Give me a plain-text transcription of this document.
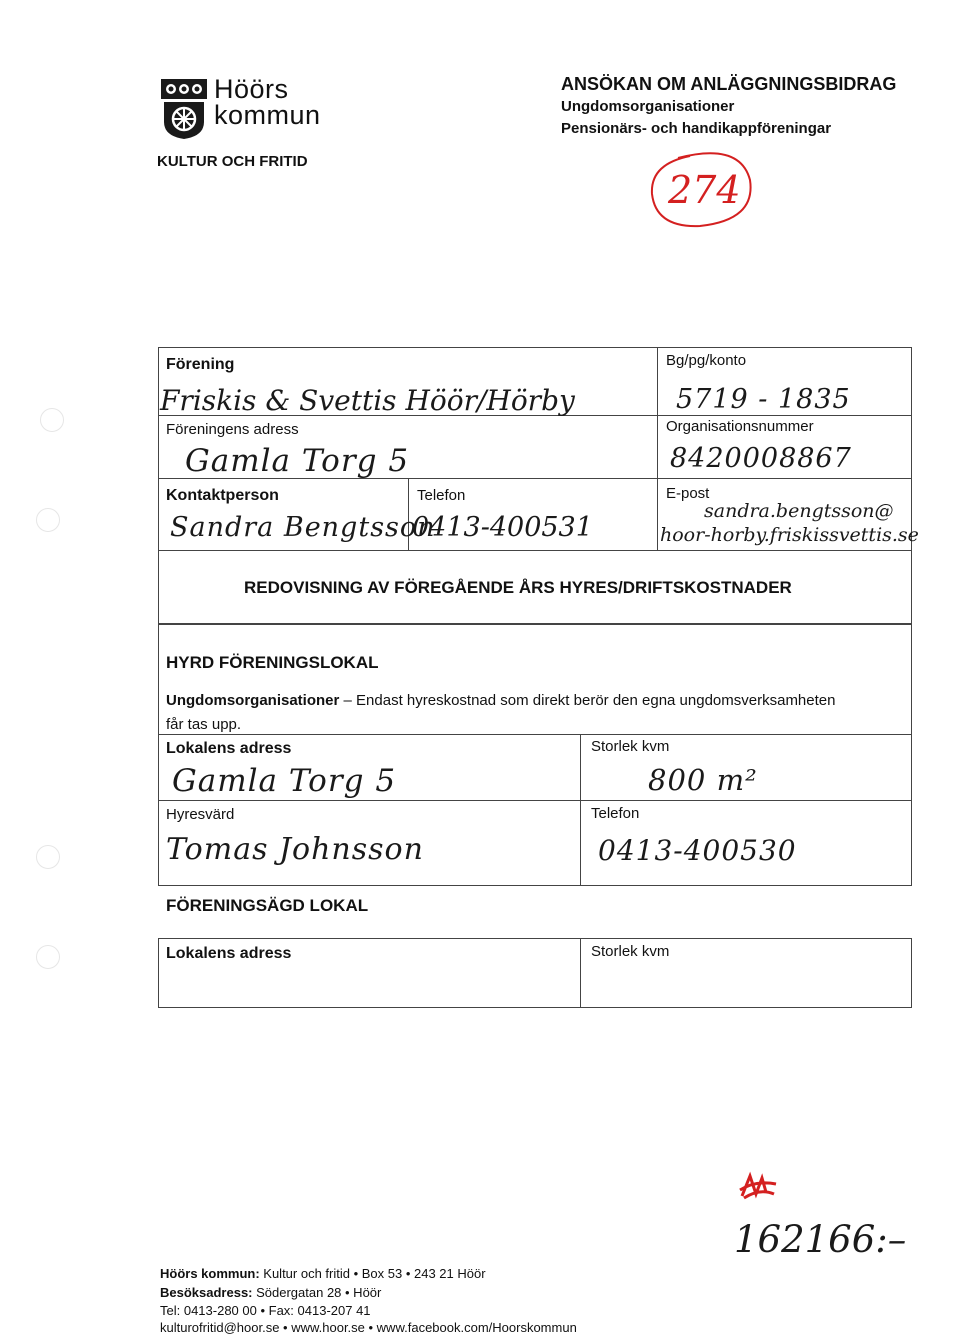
Höörs
kommun
KULTUR OCH FRITID
ANSÖKAN OM ANLÄGGNINGSBIDRAG
Ungdomsorganisationer
Pensionärs- och handikappföreningar
274
Förening
Friskis & Svettis Höör/Hörby
Bg/pg/konto
5719 - 1835
Föreningens adress
Gamla Torg 5
Organisationsnummer
8420008867
Kontaktperson
Sandra Bengtsson
Telefon
0413-400531
E-post
sandra.bengtsson@
hoor-horby.friskissvettis.se
REDOVISNING AV FÖREGÅENDE ÅRS HYRES/DRIFTSKOSTNADER
HYRD FÖRENINGSLOKAL
Ungdomsorganisationer – Endast hyreskostnad som direkt berör den egna ungdomsverksamheten
får tas upp.
Lokalens adress
Gamla Torg 5
Storlek kvm
800 m²
Hyresvärd
Tomas Johnsson
Telefon
0413-400530
FÖRENINGSÄGD LOKAL
Lokalens adress	Storlek kvm
162166:–
Höörs kommun: Kultur och fritid • Box 53 • 243 21 Höör
Besöksadress: Södergatan 28 • Höör
Tel: 0413-280 00 • Fax: 0413-207 41
kulturofritid@hoor.se • www.hoor.se • www.facebook.com/Hoorskommun
